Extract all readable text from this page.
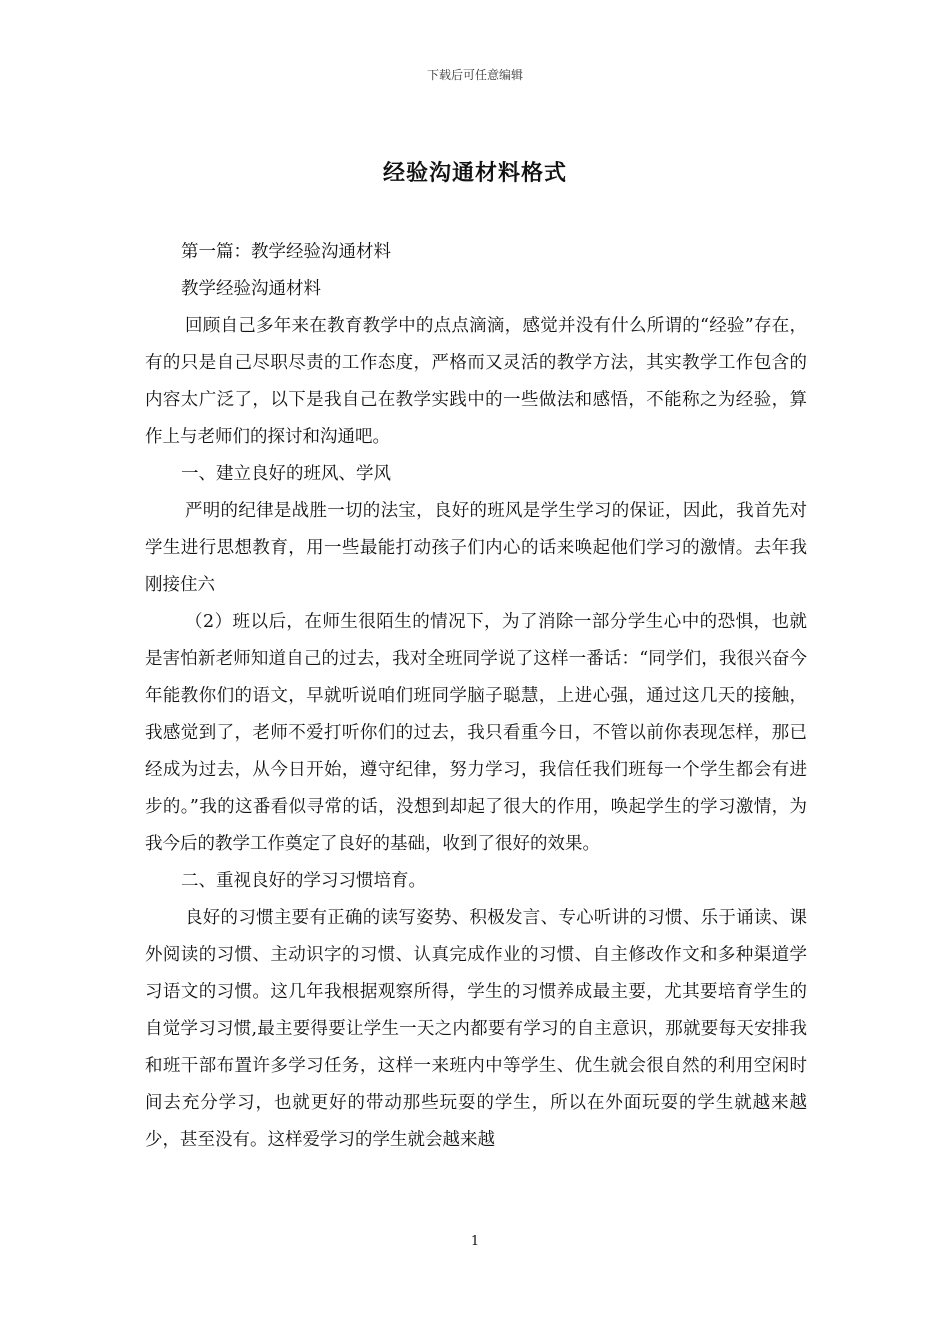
下载后可任意编辑
经验沟通材料格式

第一篇：教学经验沟通材料

教学经验沟通材料

回顾自己多年来在教育教学中的点点滴滴，感觉并没有什么所谓的“经验”存在，有的只是自己尽职尽责的工作态度，严格而又灵活的教学方法，其实教学工作包含的内容太广泛了，以下是我自己在教学实践中的一些做法和感悟，不能称之为经验，算作上与老师们的探讨和沟通吧。

一、建立良好的班风、学风

严明的纪律是战胜一切的法宝，良好的班风是学生学习的保证，因此，我首先对学生进行思想教育，用一些最能打动孩子们内心的话来唤起他们学习的激情。去年我刚接住六

（2）班以后，在师生很陌生的情况下，为了消除一部分学生心中的恐惧，也就是害怕新老师知道自己的过去，我对全班同学说了这样一番话：“同学们，我很兴奋今年能教你们的语文，早就听说咱们班同学脑子聪慧，上进心强，通过这几天的接触，我感觉到了，老师不爱打听你们的过去，我只看重今日，不管以前你表现怎样，那已经成为过去，从今日开始，遵守纪律，努力学习，我信任我们班每一个学生都会有进步的。”我的这番看似寻常的话，没想到却起了很大的作用，唤起学生的学习激情，为我今后的教学工作奠定了良好的基础，收到了很好的效果。

二、重视良好的学习习惯培育。

良好的习惯主要有正确的读写姿势、积极发言、专心听讲的习惯、乐于诵读、课外阅读的习惯、主动识字的习惯、认真完成作业的习惯、自主修改作文和多种渠道学习语文的习惯。这几年我根据观察所得，学生的习惯养成最主要，尤其要培育学生的自觉学习习惯,最主要得要让学生一天之内都要有学习的自主意识，那就要每天安排我和班干部布置许多学习任务，这样一来班内中等学生、优生就会很自然的利用空闲时间去充分学习，也就更好的带动那些玩耍的学生，所以在外面玩耍的学生就越来越少，甚至没有。这样爱学习的学生就会越来越

1
